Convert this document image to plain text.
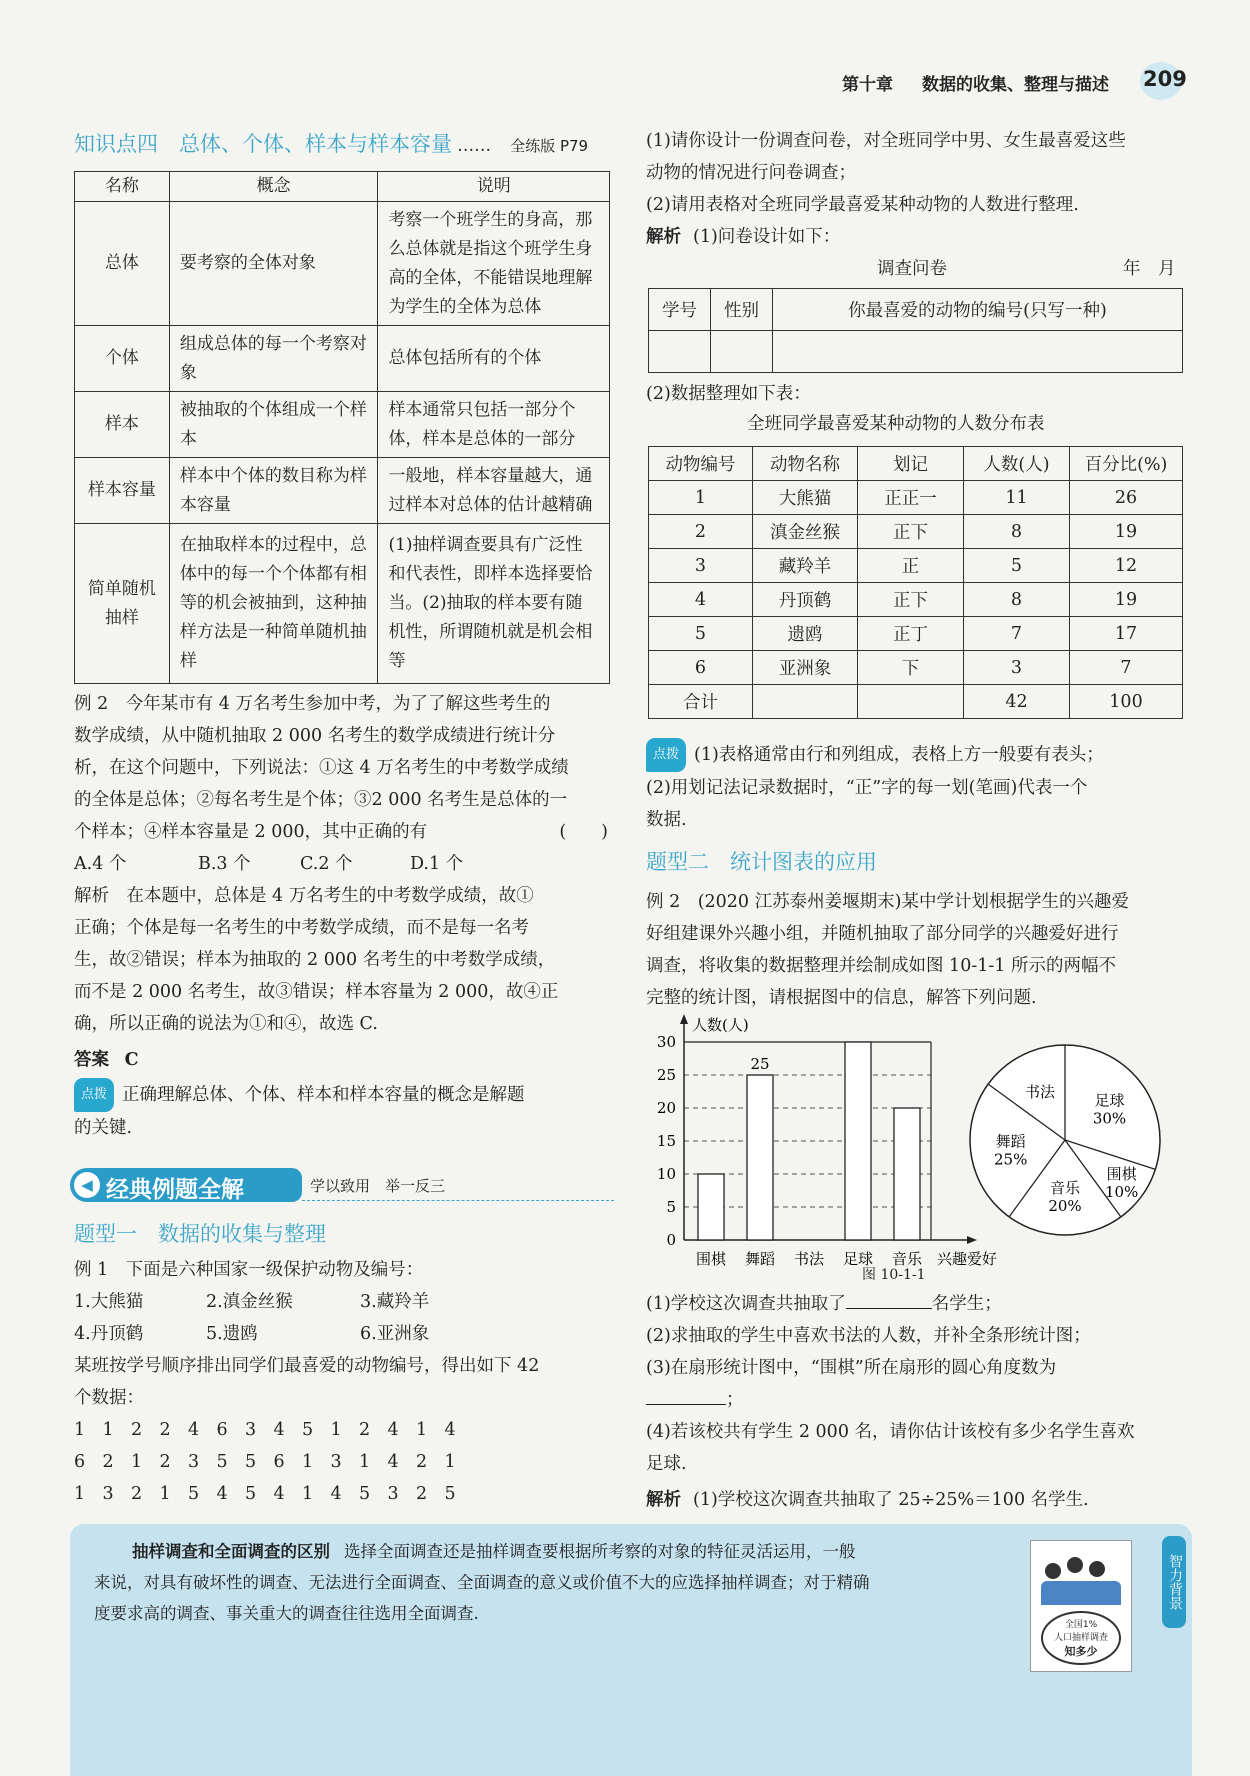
第十章 数据的收集、整理与描述 209
知识点四　总体、个体、样本与样本容量 …… 全练版 P79
名称	概念	说明
总体	要考察的全体对象	考察一个班学生的身高，那么总体就是指这个班学生身高的全体，不能错误地理解为学生的全体为总体
个体	组成总体的每一个考察对象	总体包括所有的个体
样本	被抽取的个体组成一个样本	样本通常只包括一部分个体，样本是总体的一部分
样本容量	样本中个体的数目称为样本容量	一般地，样本容量越大，通过样本对总体的估计越精确
简单随机抽样	在抽取样本的过程中，总体中的每一个个体都有相等的机会被抽到，这种抽样方法是一种简单随机抽样	(1)抽样调查要具有广泛性和代表性，即样本选择要恰当。(2)抽取的样本要有随机性，所谓随机就是机会相等
例 2　今年某市有 4 万名考生参加中考，为了了解这些考生的
数学成绩，从中随机抽取 2 000 名考生的数学成绩进行统计分
析，在这个问题中，下列说法：①这 4 万名考生的中考数学成绩
的全体是总体；②每名考生是个体；③2 000 名考生是总体的一
个样本；④样本容量是 2 000，其中正确的有	(　　)
A.4 个	B.3 个	C.2 个	D.1 个
解析　在本题中，总体是 4 万名考生的中考数学成绩，故①
正确；个体是每一名考生的中考数学成绩，而不是每一名考
生，故②错误；样本为抽取的 2 000 名考生的中考数学成绩，
而不是 2 000 名考生，故③错误；样本容量为 2 000，故④正
确，所以正确的说法为①和④，故选 C.
答案 C
点拨 正确理解总体、个体、样本和样本容量的概念是解题
的关键.
◀ 经典例题全解	学以致用　举一反三
题型一　数据的收集与整理
例 1　下面是六种国家一级保护动物及编号：
1.大熊猫	2.滇金丝猴	3.藏羚羊
4.丹顶鹤	5.遗鸥	6.亚洲象
某班按学号顺序排出同学们最喜爱的动物编号，得出如下 42
个数据：
1 1 2 2 4 6 3 4 5 1 2 4 1 4
6 2 1 2 3 5 5 6 1 3 1 4 2 1
1 3 2 1 5 4 5 4 1 4 5 3 2 5
(1)请你设计一份调查问卷，对全班同学中男、女生最喜爱这些
动物的情况进行问卷调查；
(2)请用表格对全班同学最喜爱某种动物的人数进行整理.
解析 (1)问卷设计如下：
调查问卷	年　月
学号	性别	你最喜爱的动物的编号(只写一种)

(2)数据整理如下表：
全班同学最喜爱某种动物的人数分布表
动物编号	动物名称	划记	人数(人)	百分比(%)
1	大熊猫	正正一	11	26
2	滇金丝猴	正下	8	19
3	藏羚羊	正	5	12
4	丹顶鹤	正下	8	19
5	遗鸥	正丁	7	17
6	亚洲象	下	3	7
合计			42	100
点拨 (1)表格通常由行和列组成，表格上方一般要有表头；
(2)用划记法记录数据时，“正”字的每一划(笔画)代表一个
数据.
题型二　统计图表的应用
例 2　(2020 江苏泰州姜堰期末)某中学计划根据学生的兴趣爱
好组建课外兴趣小组，并随机抽取了部分同学的兴趣爱好进行
调查，将收集的数据整理并绘制成如图 10-1-1 所示的两幅不
完整的统计图，请根据图中的信息，解答下列问题.
0
5
10
15
20
25
30
人数(人)
兴趣爱好
围棋 舞蹈
25
书法 足球 音乐
书法	足球
30%
围棋
10%
音乐
20%
舞蹈
25%
图 10-1-1
(1)学校这次调查共抽取了	名学生；
(2)求抽取的学生中喜欢书法的人数，并补全条形统计图；
(3)在扇形统计图中，“围棋”所在扇形的圆心角度数为
；
(4)若该校共有学生 2 000 名，请你估计该校有多少名学生喜欢
足球.
解析 (1)学校这次调查共抽取了 25÷25%＝100 名学生.
抽样调查和全面调查的区别 选择全面调查还是抽样调查要根据所考察的对象的特征灵活运用，一般
来说，对具有破坏性的调查、无法进行全面调查、全面调查的意义或价值不大的应选择抽样调查；对于精确
度要求高的调查、事关重大的调查往往选用全面调查.
全国1%
人口抽样调查
知多少
智力背景
